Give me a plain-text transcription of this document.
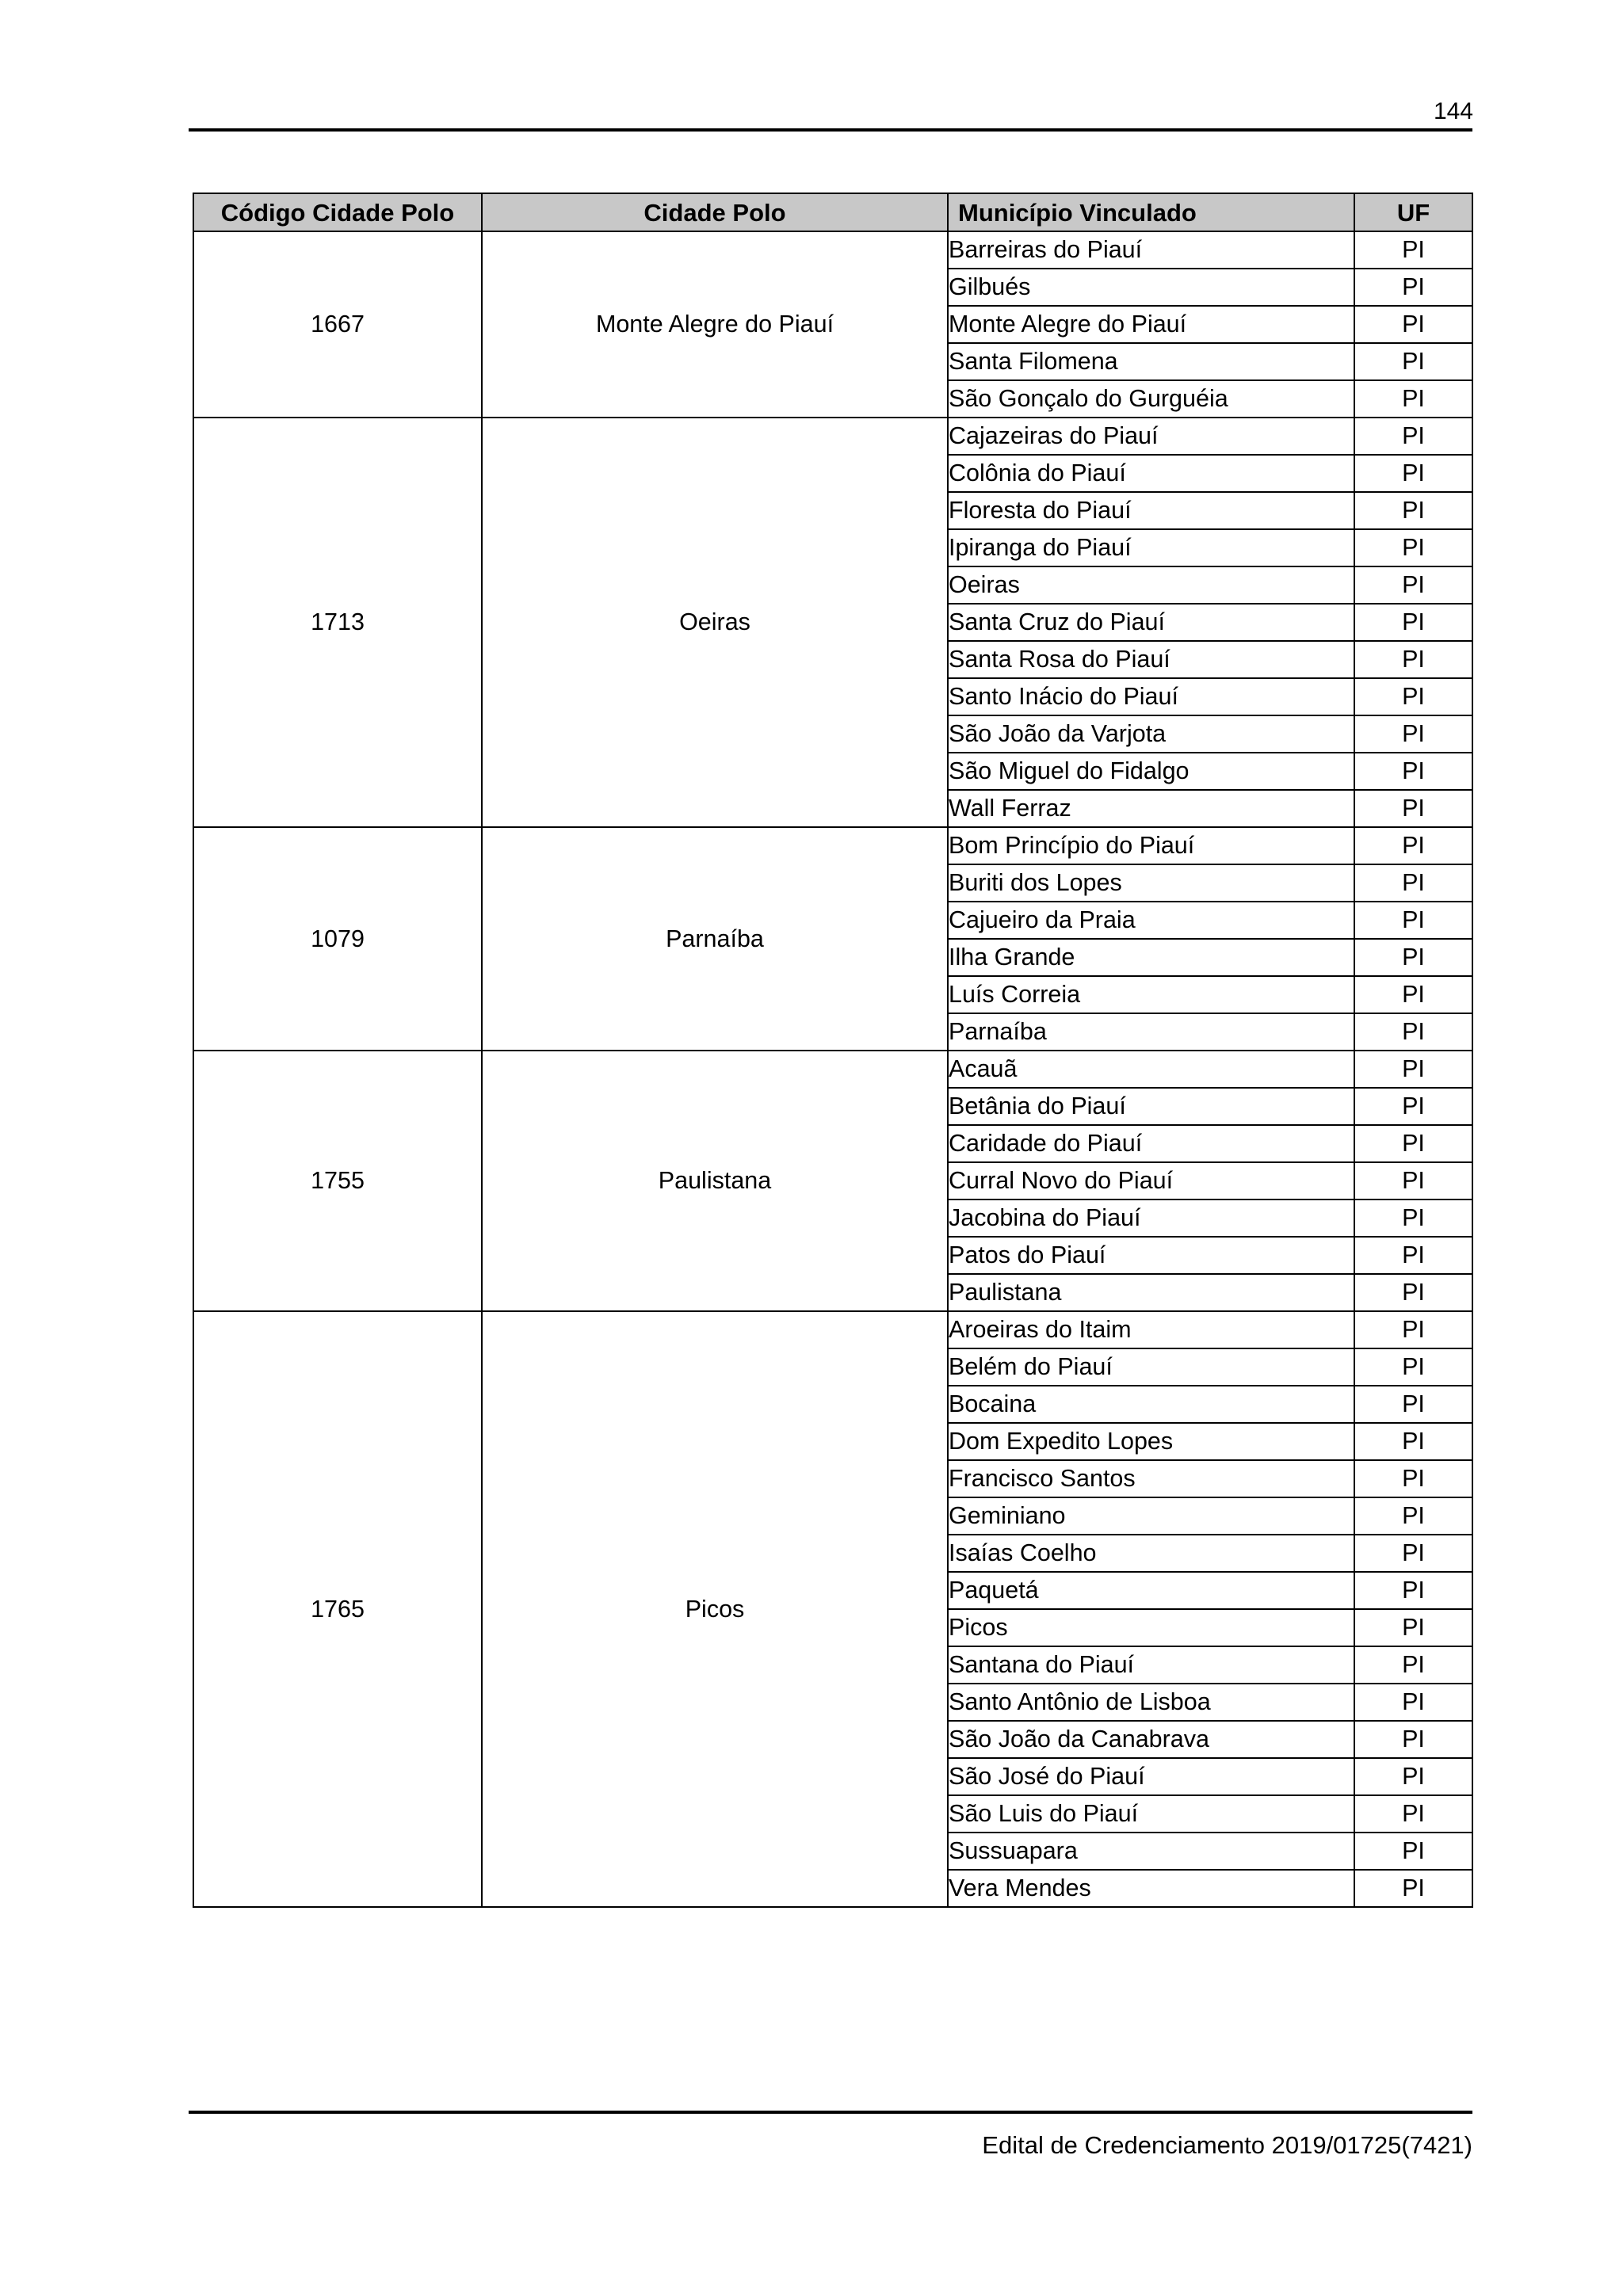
144
Código Cidade Polo	Cidade Polo	Município Vinculado	UF
1667	Monte Alegre do Piauí	Barreiras do Piauí	PI
		Gilbués	PI
		Monte Alegre do Piauí	PI
		Santa Filomena	PI
		São Gonçalo do Gurguéia	PI
1713	Oeiras	Cajazeiras do Piauí	PI
		Colônia do Piauí	PI
		Floresta do Piauí	PI
		Ipiranga do Piauí	PI
		Oeiras	PI
		Santa Cruz do Piauí	PI
		Santa Rosa do Piauí	PI
		Santo Inácio do Piauí	PI
		São João da Varjota	PI
		São Miguel do Fidalgo	PI
		Wall Ferraz	PI
1079	Parnaíba	Bom Princípio do Piauí	PI
		Buriti dos Lopes	PI
		Cajueiro da Praia	PI
		Ilha Grande	PI
		Luís Correia	PI
		Parnaíba	PI
1755	Paulistana	Acauã	PI
		Betânia do Piauí	PI
		Caridade do Piauí	PI
		Curral Novo do Piauí	PI
		Jacobina do Piauí	PI
		Patos do Piauí	PI
		Paulistana	PI
1765	Picos	Aroeiras do Itaim	PI
		Belém do Piauí	PI
		Bocaina	PI
		Dom Expedito Lopes	PI
		Francisco Santos	PI
		Geminiano	PI
		Isaías Coelho	PI
		Paquetá	PI
		Picos	PI
		Santana do Piauí	PI
		Santo Antônio de Lisboa	PI
		São João da Canabrava	PI
		São José do Piauí	PI
		São Luis do Piauí	PI
		Sussuapara	PI
		Vera Mendes	PI
Edital de Credenciamento 2019/01725(7421)
